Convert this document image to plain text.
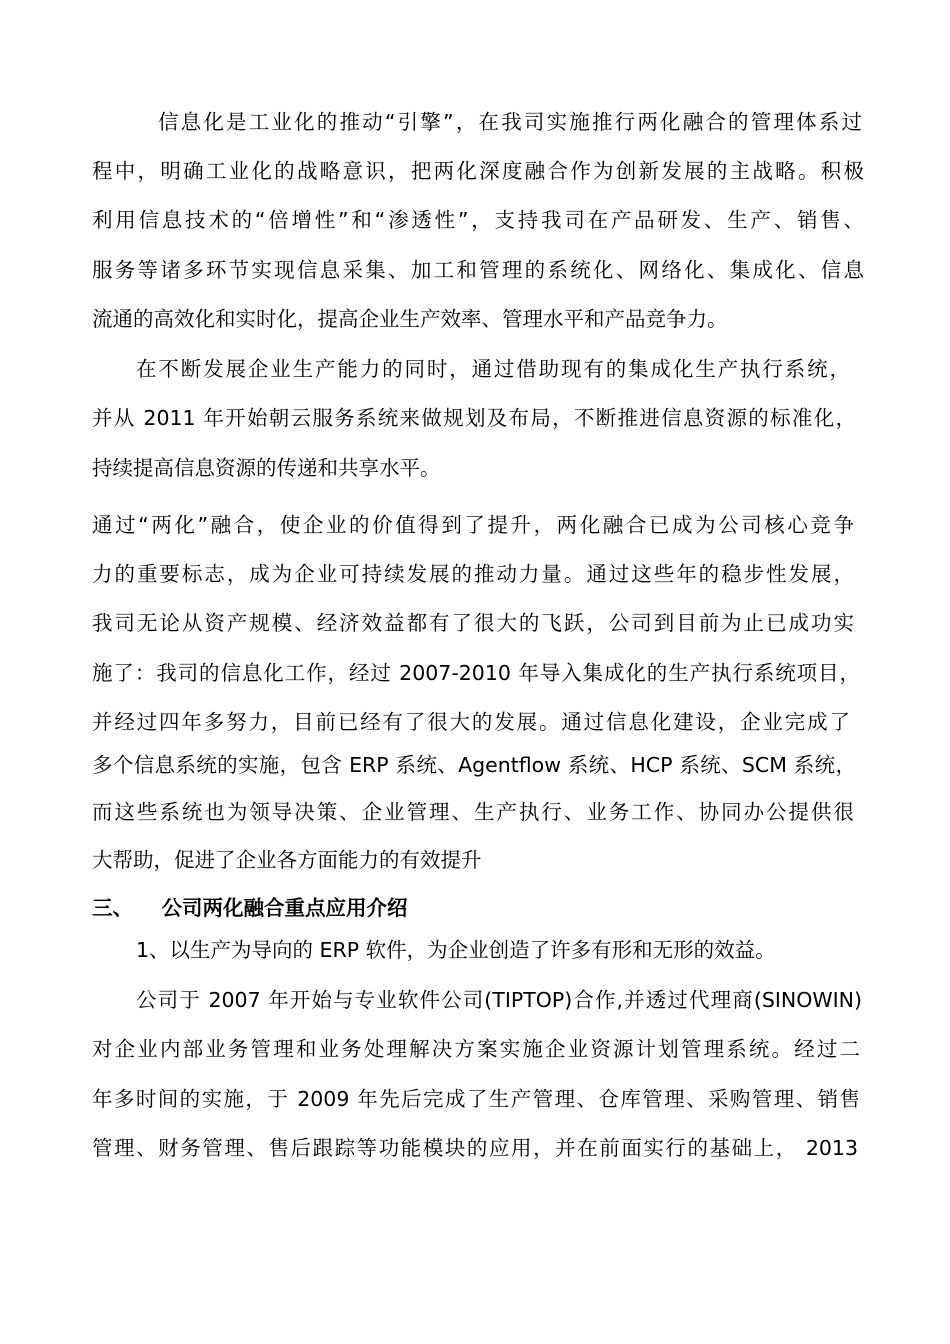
信息化是工业化的推动“引擎”，在我司实施推行两化融合的管理体系过
程中，明确工业化的战略意识，把两化深度融合作为创新发展的主战略。积极
利用信息技术的“倍增性”和“渗透性”，支持我司在产品研发、生产、销售、
服务等诸多环节实现信息采集、加工和管理的系统化、网络化、集成化、信息
流通的高效化和实时化，提高企业生产效率、管理水平和产品竞争力。
在不断发展企业生产能力的同时，通过借助现有的集成化生产执行系统，
并从 2011 年开始朝云服务系统来做规划及布局，不断推进信息资源的标准化，
持续提高信息资源的传递和共享水平。
通过“两化”融合，使企业的价值得到了提升，两化融合已成为公司核心竞争
力的重要标志，成为企业可持续发展的推动力量。通过这些年的稳步性发展，
我司无论从资产规模、经济效益都有了很大的飞跃，公司到目前为止已成功实
施了：我司的信息化工作，经过 2007-2010 年导入集成化的生产执行系统项目，
并经过四年多努力，目前已经有了很大的发展。通过信息化建设，企业完成了
多个信息系统的实施，包含 ERP 系统、Agentflow 系统、HCP 系统、SCM 系统，
而这些系统也为领导决策、企业管理、生产执行、业务工作、协同办公提供很
大帮助，促进了企业各方面能力的有效提升
三、    公司两化融合重点应用介绍
1、以生产为导向的 ERP 软件，为企业创造了许多有形和无形的效益。
公司于 2007 年开始与专业软件公司(TIPTOP)合作,并透过代理商(SINOWIN)
对企业内部业务管理和业务处理解决方案实施企业资源计划管理系统。经过二
年多时间的实施，于 2009 年先后完成了生产管理、仓库管理、采购管理、销售
管理、财务管理、售后跟踪等功能模块的应用，并在前面实行的基础上， 2013
